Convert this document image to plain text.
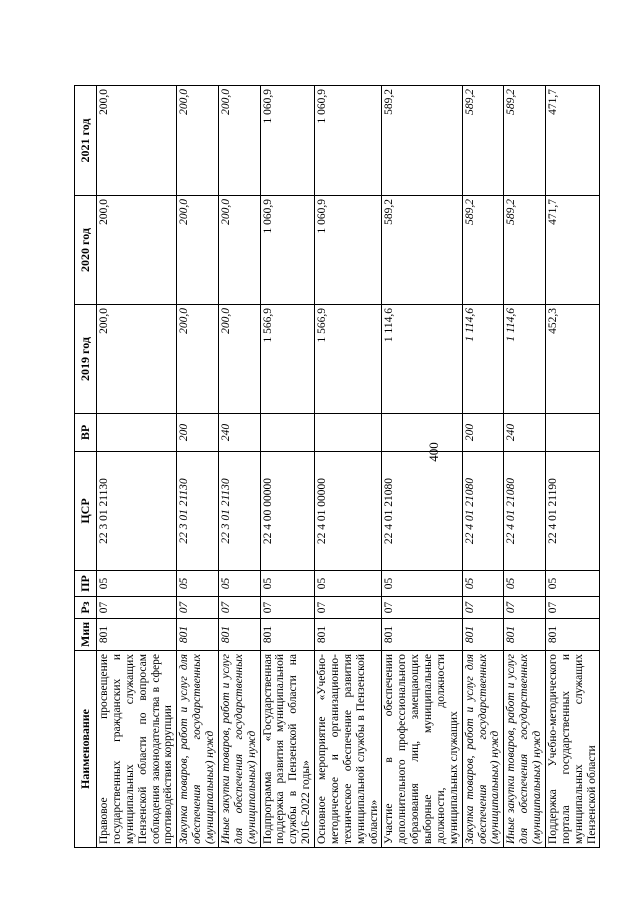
400
Наименование	Мин	Рз	ПР	ЦСР	ВР	2019 год	2020 год	2021 год
Правовое просвещение государственных гражданских и муниципальных служащих Пензенской области по вопросам соблюдения законодательства в сфере противодействия коррупции	801	07	05	22 3 01 21130		200,0	200,0	200,0
Закупка товаров, работ и услуг для обеспечения государственных (муниципальных) нужд	801	07	05	22 3 01 21130	200	200,0	200,0	200,0
Иные закупки товаров, работ и услуг для обеспечения государственных (муниципальных) нужд	801	07	05	22 3 01 21130	240	200,0	200,0	200,0
Подпрограмма «Государственная поддержка развития муниципальной службы в Пензенской области на 2016–2022 годы»	801	07	05	22 4 00 00000		1 566,9	1 060,9	1 060,9
Основное мероприятие «Учебно-методическое и организационно-техническое обеспечение развития муниципальной службы в Пензенской области»	801	07	05	22 4 01 00000		1 566,9	1 060,9	1 060,9
Участие в обеспечении дополнительного профессионального образования лиц, замещающих выборные муниципальные должности, должности муниципальных служащих	801	07	05	22 4 01 21080		1 114,6	589,2	589,2
Закупка товаров, работ и услуг для обеспечения государственных (муниципальных) нужд	801	07	05	22 4 01 21080	200	1 114,6	589,2	589,2
Иные закупки товаров, работ и услуг для обеспечения государственных (муниципальных) нужд	801	07	05	22 4 01 21080	240	1 114,6	589,2	589,2
Поддержка Учебно-методического портала государственных и муниципальных служащих Пензенской области	801	07	05	22 4 01 21190		452,3	471,7	471,7
